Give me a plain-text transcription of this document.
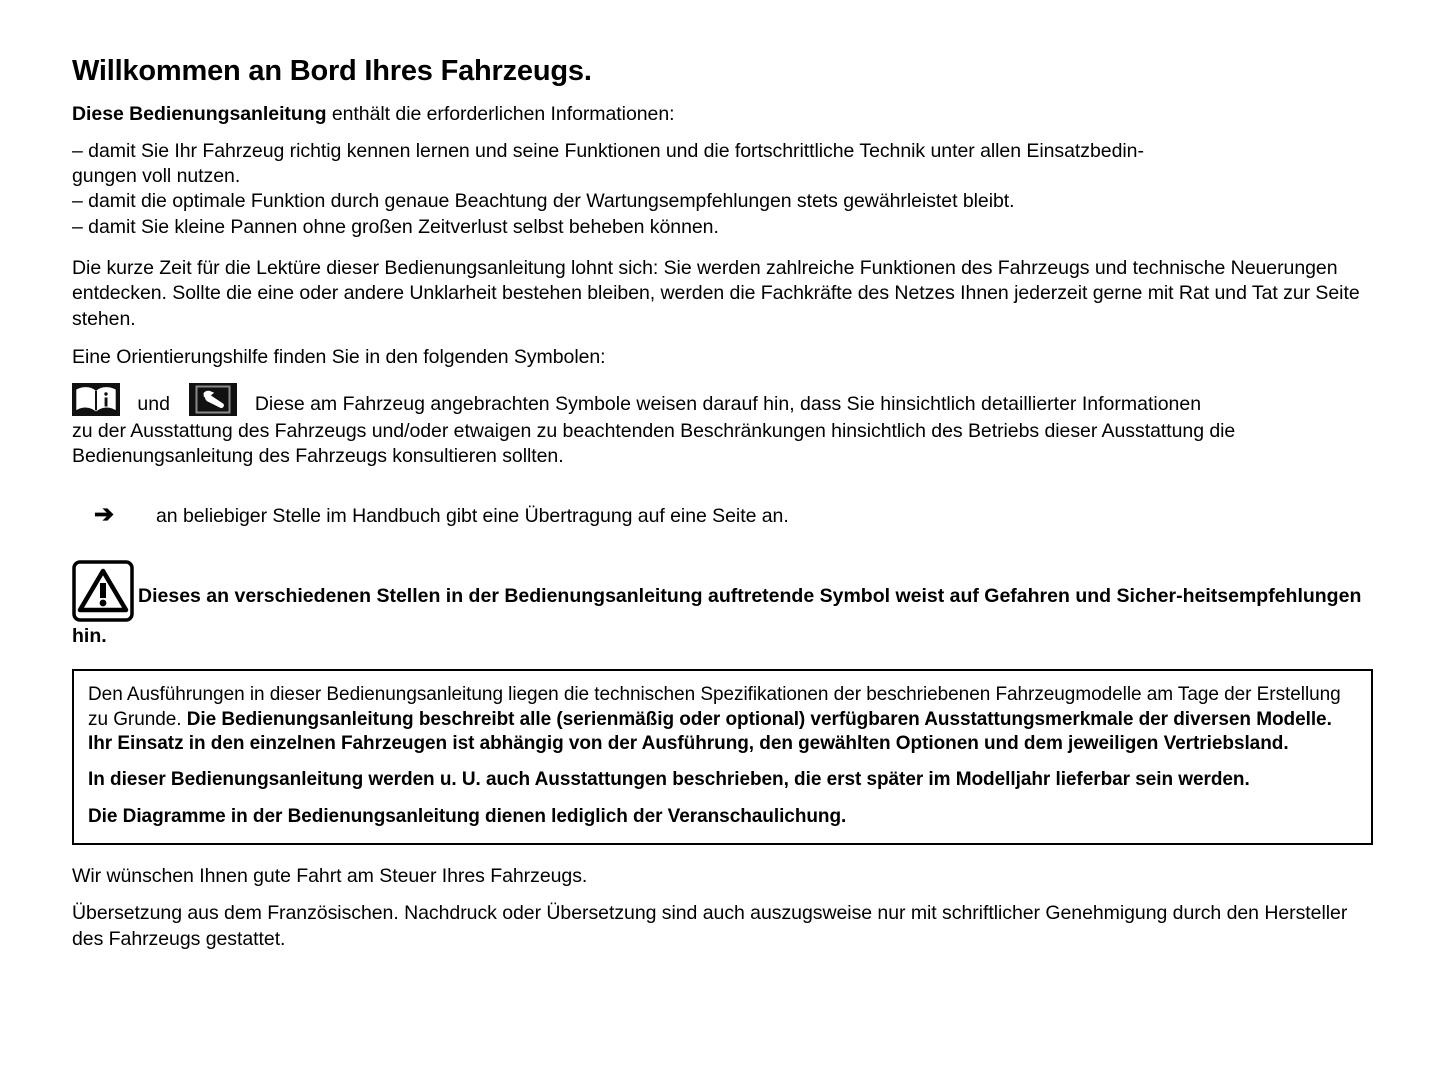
Willkommen an Bord Ihres Fahrzeugs.

Diese Bedienungsanleitung enthält die erforderlichen Informationen:

– damit Sie Ihr Fahrzeug richtig kennen lernen und seine Funktionen und die fortschrittliche Technik unter allen Einsatzbedin-

gungen voll nutzen.

– damit die optimale Funktion durch genaue Beachtung der Wartungsempfehlungen stets gewährleistet bleibt.

– damit Sie kleine Pannen ohne großen Zeitverlust selbst beheben können.

Die kurze Zeit für die Lektüre dieser Bedienungsanleitung lohnt sich: Sie werden zahlreiche Funktionen des Fahrzeugs und technische Neuerungen entdecken. Sollte die eine oder andere Unklarheit bestehen bleiben, werden die Fachkräfte des Netzes Ihnen jederzeit gerne mit Rat und Tat zur Seite stehen.

Eine Orientierungshilfe finden Sie in den folgenden Symbolen:

und	Diese am Fahrzeug angebrachten Symbole weisen darauf hin, dass Sie hinsichtlich detaillierter Informationen

zu der Ausstattung des Fahrzeugs und/oder etwaigen zu beachtenden Beschränkungen hinsichtlich des Betriebs dieser Ausstattung die Bedienungsanleitung des Fahrzeugs konsultieren sollten.

➔	an beliebiger Stelle im Handbuch gibt eine Übertragung auf eine Seite an.

Dieses an verschiedenen Stellen in der Bedienungsanleitung auftretende Symbol weist auf Gefahren und Sicher-heitsempfehlungen hin.

Den Ausführungen in dieser Bedienungsanleitung liegen die technischen Spezifikationen der beschriebenen Fahrzeugmodelle am Tage der Erstellung zu Grunde. Die Bedienungsanleitung beschreibt alle (serienmäßig oder optional) verfügbaren Ausstattungsmerkmale der diversen Modelle. Ihr Einsatz in den einzelnen Fahrzeugen ist abhängig von der Ausführung, den gewählten Optionen und dem jeweiligen Vertriebsland.

In dieser Bedienungsanleitung werden u. U. auch Ausstattungen beschrieben, die erst später im Modelljahr lieferbar sein werden.

Die Diagramme in der Bedienungsanleitung dienen lediglich der Veranschaulichung.

Wir wünschen Ihnen gute Fahrt am Steuer Ihres Fahrzeugs.

Übersetzung aus dem Französischen. Nachdruck oder Übersetzung sind auch auszugsweise nur mit schriftlicher Genehmigung durch den Hersteller des Fahrzeugs gestattet.
